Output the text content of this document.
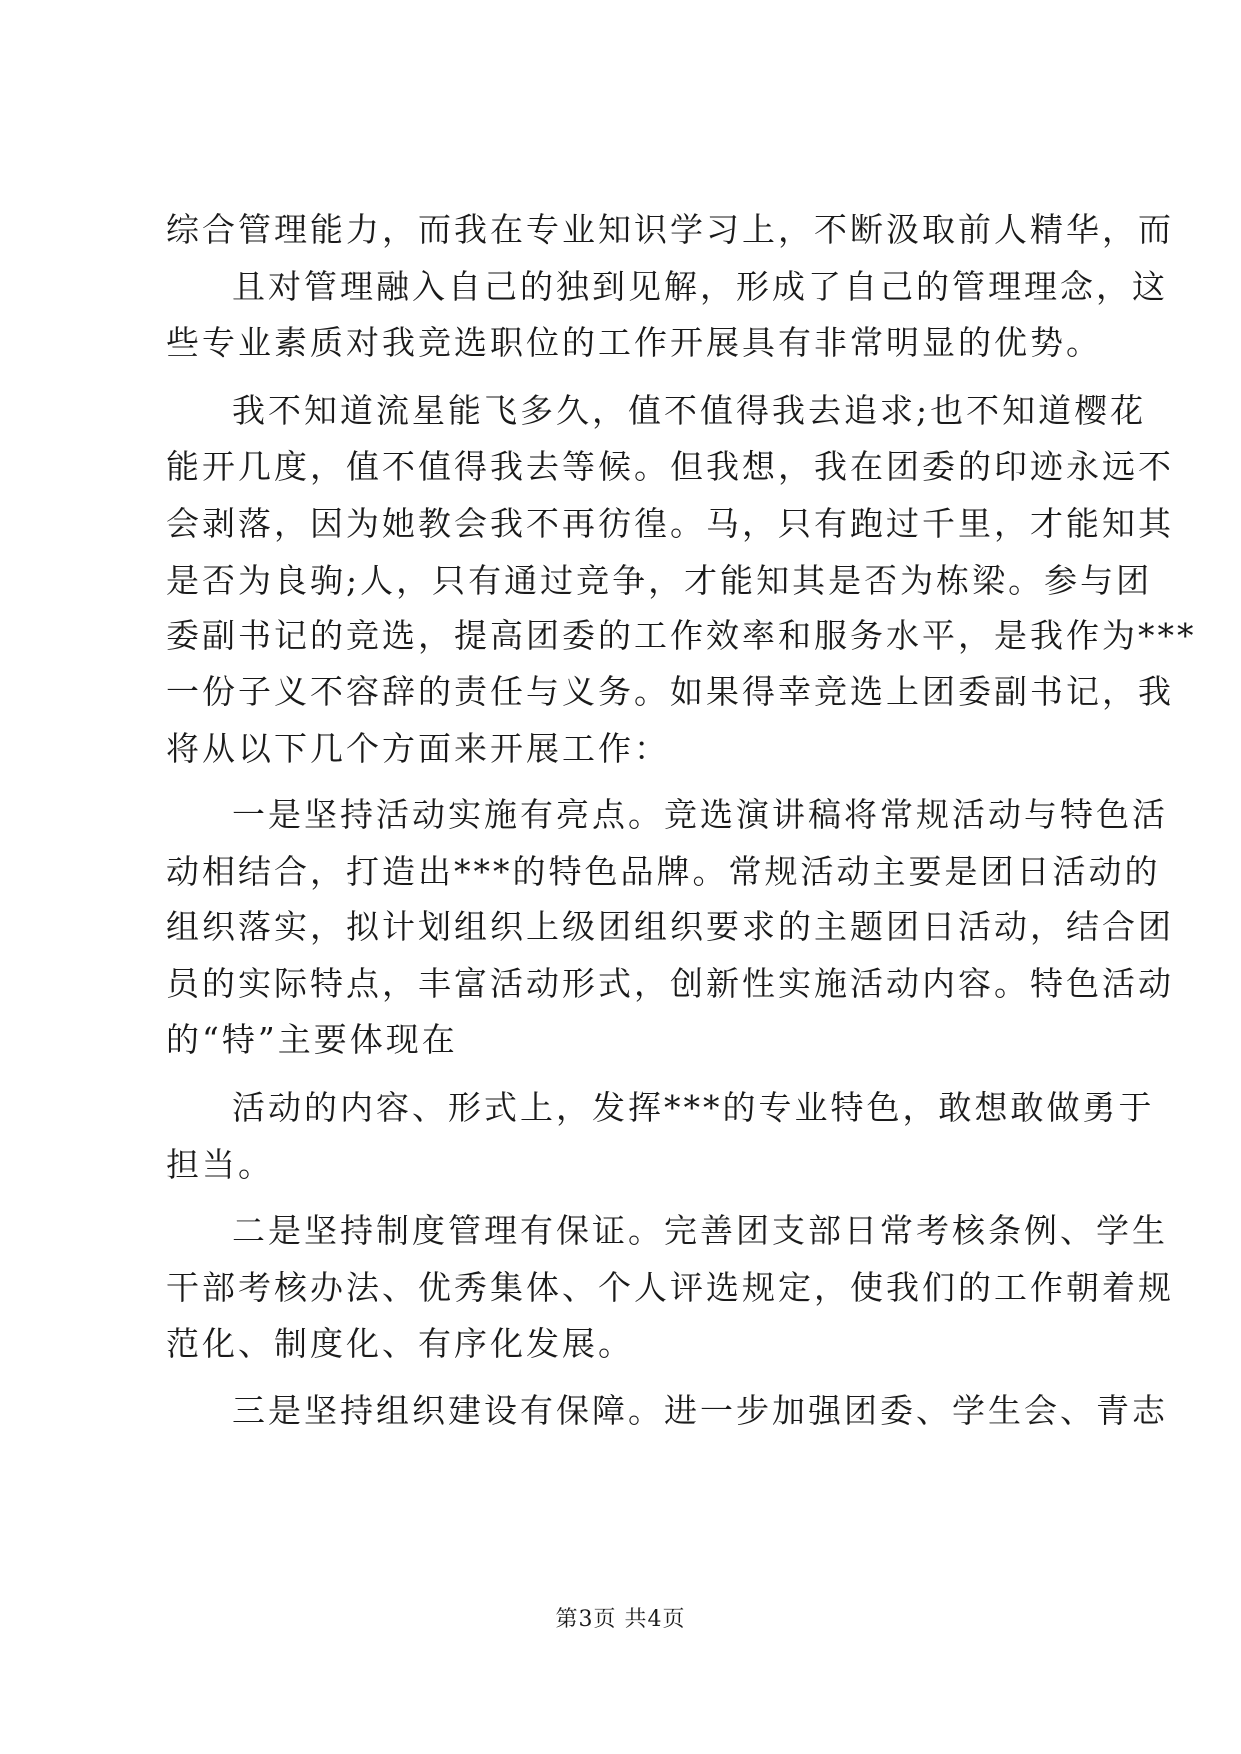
综合管理能力，而我在专业知识学习上，不断汲取前人精华，而
且对管理融入自己的独到见解，形成了自己的管理理念，这
些专业素质对我竞选职位的工作开展具有非常明显的优势。
我不知道流星能飞多久，值不值得我去追求;也不知道樱花
能开几度，值不值得我去等候。但我想，我在团委的印迹永远不
会剥落，因为她教会我不再彷徨。马，只有跑过千里，才能知其
是否为良驹;人，只有通过竞争，才能知其是否为栋梁。参与团
委副书记的竞选，提高团委的工作效率和服务水平，是我作为***
一份子义不容辞的责任与义务。如果得幸竞选上团委副书记，我
将从以下几个方面来开展工作：
一是坚持活动实施有亮点。竞选演讲稿将常规活动与特色活
动相结合，打造出***的特色品牌。常规活动主要是团日活动的
组织落实，拟计划组织上级团组织要求的主题团日活动，结合团
员的实际特点，丰富活动形式，创新性实施活动内容。特色活动
的“特”主要体现在
活动的内容、形式上，发挥***的专业特色，敢想敢做勇于
担当。
二是坚持制度管理有保证。完善团支部日常考核条例、学生
干部考核办法、优秀集体、个人评选规定，使我们的工作朝着规
范化、制度化、有序化发展。
三是坚持组织建设有保障。进一步加强团委、学生会、青志
第3页 共4页
